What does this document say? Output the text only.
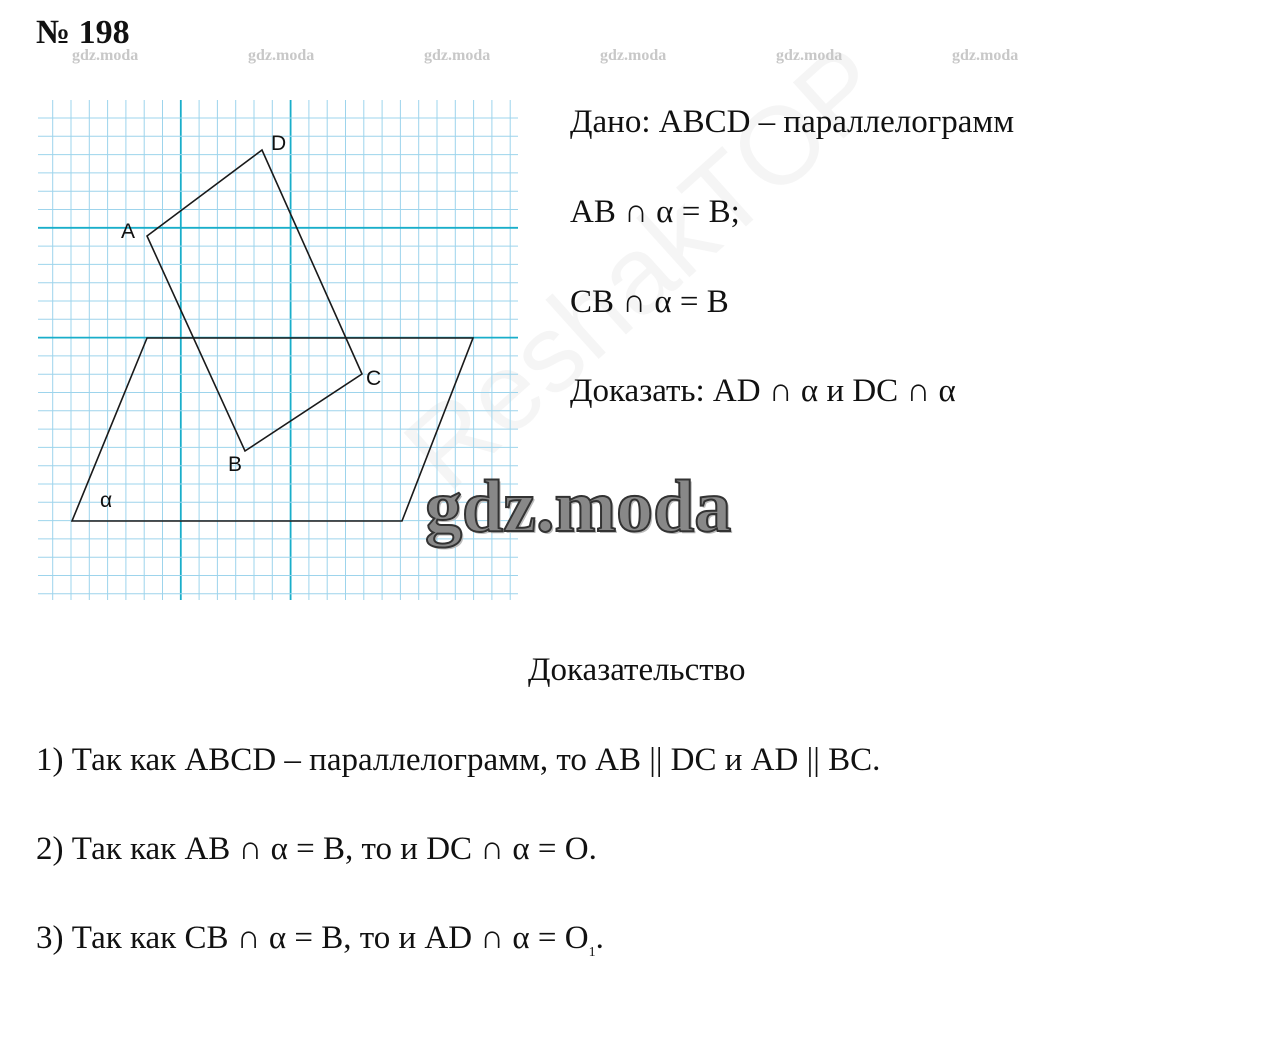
№ 198
gdz.moda	gdz.moda	gdz.moda	gdz.moda	gdz.moda	gdz.moda
A
D
C
B
α
Дано: ABCD – параллелограмм
AB ∩ α = B;
CB ∩ α = B
Доказать: AD ∩ α и DC ∩ α
gdz.moda
Доказательство
1) Так как ABCD – параллелограмм, то AB || DC и AD || BC.
2) Так как AB ∩ α = B, то и DC ∩ α = O.
3) Так как CB ∩ α = B, то и AD ∩ $\alpha = O_1$.
